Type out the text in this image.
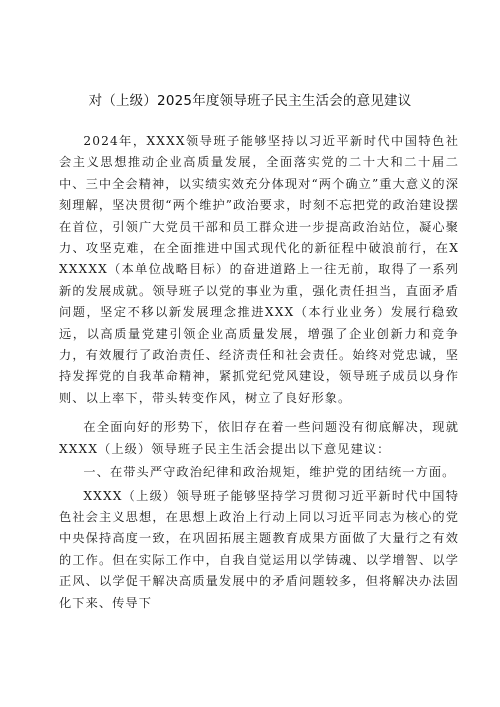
对（上级）2025年度领导班子民主生活会的意见建议

2024年，XXXX领导班子能够坚持以习近平新时代中国特色社会主义思想推动企业高质量发展，全面落实党的二十大和二十届二中、三中全会精神，以实绩实效充分体现对“两个确立”重大意义的深刻理解，坚决贯彻“两个维护”政治要求，时刻不忘把党的政治建设摆在首位，引领广大党员干部和员工群众进一步提高政治站位，凝心聚力、攻坚克难，在全面推进中国式现代化的新征程中破浪前行，在XXXXXX（本单位战略目标）的奋进道路上一往无前，取得了一系列新的发展成就。领导班子以党的事业为重，强化责任担当，直面矛盾问题，坚定不移以新发展理念推进XXX（本行业业务）发展行稳致远，以高质量党建引领企业高质量发展，增强了企业创新力和竞争力，有效履行了政治责任、经济责任和社会责任。始终对党忠诚，坚持发挥党的自我革命精神，紧抓党纪党风建设，领导班子成员以身作则、以上率下，带头转变作风，树立了良好形象。

在全面向好的形势下，依旧存在着一些问题没有彻底解决，现就XXXX（上级）领导班子民主生活会提出以下意见建议：

一、在带头严守政治纪律和政治规矩，维护党的团结统一方面。

XXXX（上级）领导班子能够坚持学习贯彻习近平新时代中国特色社会主义思想，在思想上政治上行动上同以习近平同志为核心的党中央保持高度一致，在巩固拓展主题教育成果方面做了大量行之有效的工作。但在实际工作中，自我自觉运用以学铸魂、以学增智、以学正风、以学促干解决高质量发展中的矛盾问题较多，但将解决办法固化下来、传导下
